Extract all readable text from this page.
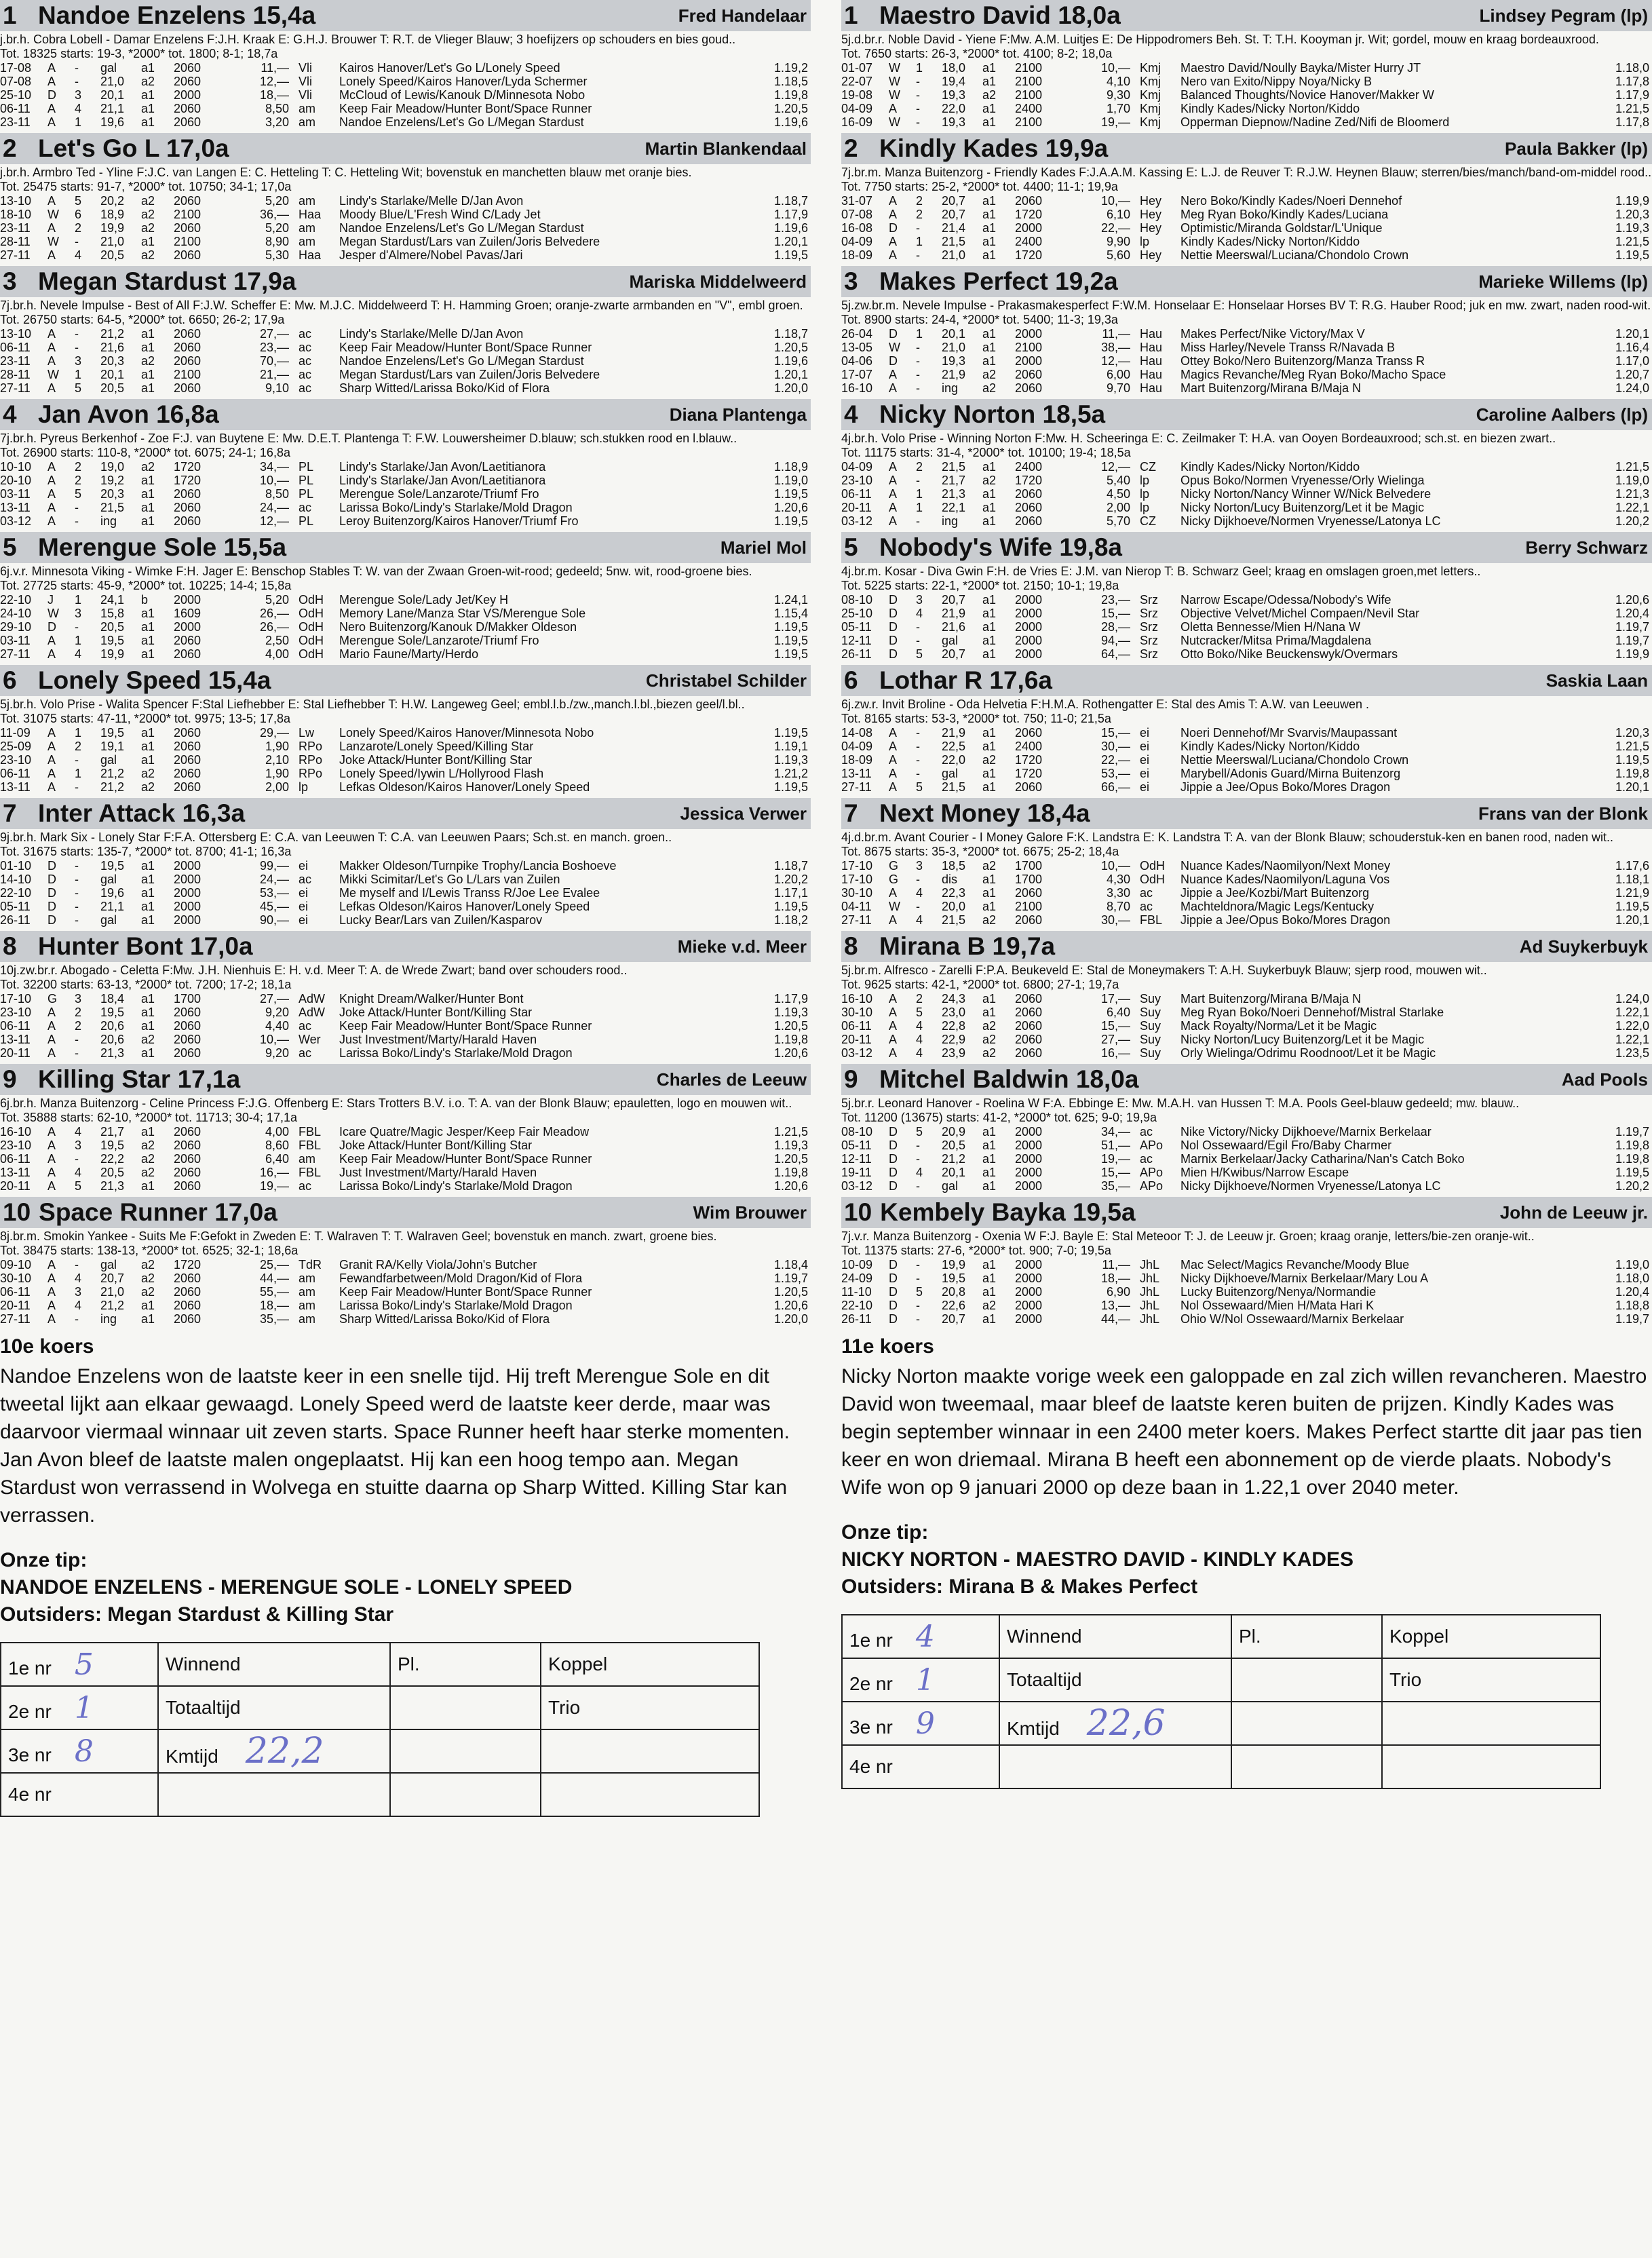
1 Nandoe Enzelens 15,4a	Fred Handelaar
j.br.h. Cobra Lobell - Damar Enzelens F:J.H. Kraak E: G.H.J. Brouwer T: R.T. de Vlieger Blauw; 3 hoefijzers op schouders en bies goud..
Tot. 18325 starts: 19-3, *2000* tot. 1800; 8-1; 18,7a
17-08	A	-	gal	a1	2060	11,—	Vli	Kairos Hanover/Let's Go L/Lonely Speed	1.19,2
07-08	A	-	21,0	a2	2060	12,—	Vli	Lonely Speed/Kairos Hanover/Lyda Schermer	1.18,5
25-10	D	3	20,1	a1	2000	18,—	Vli	McCloud of Lewis/Kanouk D/Minnesota Nobo	1.19,8
06-11	A	4	21,1	a1	2060	8,50	am	Keep Fair Meadow/Hunter Bont/Space Runner	1.20,5
23-11	A	1	19,6	a1	2060	3,20	am	Nandoe Enzelens/Let's Go L/Megan Stardust	1.19,6
2 Let's Go L 17,0a	Martin Blankendaal
j.br.h. Armbro Ted - Yline F:J.C. van Langen E: C. Hetteling T: C. Hetteling Wit; bovenstuk en manchetten blauw met oranje bies.
Tot. 25475 starts: 91-7, *2000* tot. 10750; 34-1; 17,0a
13-10	A	5	20,2	a2	2060	5,20	am	Lindy's Starlake/Melle D/Jan Avon	1.18,7
18-10	W	6	18,9	a2	2100	36,—	Haa	Moody Blue/L'Fresh Wind C/Lady Jet	1.17,9
23-11	A	2	19,9	a2	2060	5,20	am	Nandoe Enzelens/Let's Go L/Megan Stardust	1.19,6
28-11	W	-	21,0	a1	2100	8,90	am	Megan Stardust/Lars van Zuilen/Joris Belvedere	1.20,1
27-11	A	4	20,5	a2	2060	5,30	Haa	Jesper d'Almere/Nobel Pavas/Jari	1.19,5
3 Megan Stardust 17,9a	Mariska Middelweerd
7j.br.h. Nevele Impulse - Best of All F:J.W. Scheffer E: Mw. M.J.C. Middelweerd T: H. Hamming Groen; oranje-zwarte armbanden en "V", embl groen.
Tot. 26750 starts: 64-5, *2000* tot. 6650; 26-2; 17,9a
13-10	A	-	21,2	a1	2060	27,—	ac	Lindy's Starlake/Melle D/Jan Avon	1.18,7
06-11	A	-	21,6	a1	2060	23,—	ac	Keep Fair Meadow/Hunter Bont/Space Runner	1.20,5
23-11	A	3	20,3	a2	2060	70,—	ac	Nandoe Enzelens/Let's Go L/Megan Stardust	1.19,6
28-11	W	1	20,1	a1	2100	21,—	ac	Megan Stardust/Lars van Zuilen/Joris Belvedere	1.20,1
27-11	A	5	20,5	a1	2060	9,10	ac	Sharp Witted/Larissa Boko/Kid of Flora	1.20,0
4 Jan Avon 16,8a	Diana Plantenga
7j.br.h. Pyreus Berkenhof - Zoe F:J. van Buytene E: Mw. D.E.T. Plantenga T: F.W. Louwersheimer D.blauw; sch.stukken rood en l.blauw..
Tot. 26900 starts: 110-8, *2000* tot. 6075; 24-1; 16,8a
10-10	A	2	19,0	a2	1720	34,—	PL	Lindy's Starlake/Jan Avon/Laetitianora	1.18,9
20-10	A	2	19,2	a1	1720	10,—	PL	Lindy's Starlake/Jan Avon/Laetitianora	1.19,0
03-11	A	5	20,3	a1	2060	8,50	PL	Merengue Sole/Lanzarote/Triumf Fro	1.19,5
13-11	A	-	21,5	a1	2060	24,—	ac	Larissa Boko/Lindy's Starlake/Mold Dragon	1.20,6
03-12	A	-	ing	a1	2060	12,—	PL	Leroy Buitenzorg/Kairos Hanover/Triumf Fro	1.19,5
5 Merengue Sole 15,5a	Mariel Mol
6j.v.r. Minnesota Viking - Wimke F:H. Jager E: Benschop Stables T: W. van der Zwaan Groen-wit-rood; gedeeld; 5nw. wit, rood-groene bies.
Tot. 27725 starts: 45-9, *2000* tot. 10225; 14-4; 15,8a
22-10	J	1	24,1	b	2000	5,20	OdH	Merengue Sole/Lady Jet/Key H	1.24,1
24-10	W	3	15,8	a1	1609	26,—	OdH	Memory Lane/Manza Star VS/Merengue Sole	1.15,4
29-10	D	-	20,5	a1	2000	26,—	OdH	Nero Buitenzorg/Kanouk D/Makker Oldeson	1.19,5
03-11	A	1	19,5	a1	2060	2,50	OdH	Merengue Sole/Lanzarote/Triumf Fro	1.19,5
27-11	A	4	19,9	a1	2060	4,00	OdH	Mario Faune/Marty/Herdo	1.19,5
6 Lonely Speed 15,4a	Christabel Schilder
5j.br.h. Volo Prise - Walita Spencer F:Stal Liefhebber E: Stal Liefhebber T: H.W. Langeweg Geel; embl.l.b./zw.,manch.l.bl.,biezen geel/l.bl..
Tot. 31075 starts: 47-11, *2000* tot. 9975; 13-5; 17,8a
11-09	A	1	19,5	a1	2060	29,—	Lw	Lonely Speed/Kairos Hanover/Minnesota Nobo	1.19,5
25-09	A	2	19,1	a1	2060	1,90	RPo	Lanzarote/Lonely Speed/Killing Star	1.19,1
23-10	A	-	gal	a1	2060	2,10	RPo	Joke Attack/Hunter Bont/Killing Star	1.19,3
06-11	A	1	21,2	a2	2060	1,90	RPo	Lonely Speed/Iywin L/Hollyrood Flash	1.21,2
13-11	A	-	21,2	a2	2060	2,00	lp	Lefkas Oldeson/Kairos Hanover/Lonely Speed	1.19,5
7 Inter Attack 16,3a	Jessica Verwer
9j.br.h. Mark Six - Lonely Star F:F.A. Ottersberg E: C.A. van Leeuwen T: C.A. van Leeuwen Paars; Sch.st. en manch. groen..
Tot. 31675 starts: 135-7, *2000* tot. 8700; 41-1; 16,3a
01-10	D	-	19,5	a1	2000	99,—	ei	Makker Oldeson/Turnpike Trophy/Lancia Boshoeve	1.18,7
14-10	D	-	gal	a1	2000	24,—	ac	Mikki Scimitar/Let's Go L/Lars van Zuilen	1.20,2
22-10	D	-	19,6	a1	2000	53,—	ei	Me myself and I/Lewis Transs R/Joe Lee Evalee	1.17,1
05-11	D	-	21,1	a1	2000	45,—	ei	Lefkas Oldeson/Kairos Hanover/Lonely Speed	1.19,5
26-11	D	-	gal	a1	2000	90,—	ei	Lucky Bear/Lars van Zuilen/Kasparov	1.18,2
8 Hunter Bont 17,0a	Mieke v.d. Meer
10j.zw.br.r. Abogado - Celetta F:Mw. J.H. Nienhuis E: H. v.d. Meer T: A. de Wrede Zwart; band over schouders rood..
Tot. 32200 starts: 63-13, *2000* tot. 7200; 17-2; 18,1a
17-10	G	3	18,4	a1	1700	27,—	AdW	Knight Dream/Walker/Hunter Bont	1.17,9
23-10	A	2	19,5	a1	2060	9,20	AdW	Joke Attack/Hunter Bont/Killing Star	1.19,3
06-11	A	2	20,6	a1	2060	4,40	ac	Keep Fair Meadow/Hunter Bont/Space Runner	1.20,5
13-11	A	-	20,6	a2	2060	10,—	Wer	Just Investment/Marty/Harald Haven	1.19,8
20-11	A	-	21,3	a1	2060	9,20	ac	Larissa Boko/Lindy's Starlake/Mold Dragon	1.20,6
9 Killing Star 17,1a	Charles de Leeuw
6j.br.h. Manza Buitenzorg - Celine Princess F:J.G. Offenberg E: Stars Trotters B.V. i.o. T: A. van der Blonk Blauw; epauletten, logo en mouwen wit..
Tot. 35888 starts: 62-10, *2000* tot. 11713; 30-4; 17,1a
16-10	A	4	21,7	a1	2060	4,00	FBL	Icare Quatre/Magic Jesper/Keep Fair Meadow	1.21,5
23-10	A	3	19,5	a2	2060	8,60	FBL	Joke Attack/Hunter Bont/Killing Star	1.19,3
06-11	A	-	22,2	a2	2060	6,40	am	Keep Fair Meadow/Hunter Bont/Space Runner	1.20,5
13-11	A	4	20,5	a2	2060	16,—	FBL	Just Investment/Marty/Harald Haven	1.19,8
20-11	A	5	21,3	a1	2060	19,—	ac	Larissa Boko/Lindy's Starlake/Mold Dragon	1.20,6
10 Space Runner 17,0a	Wim Brouwer
8j.br.m. Smokin Yankee - Suits Me F:Gefokt in Zweden E: T. Walraven T: T. Walraven Geel; bovenstuk en manch. zwart, groene bies.
Tot. 38475 starts: 138-13, *2000* tot. 6525; 32-1; 18,6a
09-10	A	-	gal	a2	1720	25,—	TdR	Granit RA/Kelly Viola/John's Butcher	1.18,4
30-10	A	4	20,7	a2	2060	44,—	am	Fewandfarbetween/Mold Dragon/Kid of Flora	1.19,7
06-11	A	3	21,0	a2	2060	55,—	am	Keep Fair Meadow/Hunter Bont/Space Runner	1.20,5
20-11	A	4	21,2	a1	2060	18,—	am	Larissa Boko/Lindy's Starlake/Mold Dragon	1.20,6
27-11	A	-	ing	a1	2060	35,—	am	Sharp Witted/Larissa Boko/Kid of Flora	1.20,0
10e koers

Nandoe Enzelens won de laatste keer in een snelle tijd. Hij treft Merengue Sole en dit tweetal lijkt aan elkaar gewaagd. Lonely Speed werd de laatste keer derde, maar was daarvoor viermaal winnaar uit zeven starts. Space Runner heeft haar sterke momenten. Jan Avon bleef de laatste malen ongeplaatst. Hij kan een hoog tempo aan. Megan Stardust won verrassend in Wolvega en stuitte daarna op Sharp Witted. Killing Star kan verrassen.

Onze tip:
NANDOE ENZELENS - MERENGUE SOLE - LONELY SPEED
Outsiders: Megan Stardust & Killing Star
1e nr 5	Winnend	Pl.	Koppel
2e nr 1	Totaaltijd		Trio
3e nr 8	Kmtijd 22,2		
4e nr			
1 Maestro David 18,0a	Lindsey Pegram (lp)
5j.d.br.r. Noble David - Yiene F:Mw. A.M. Luitjes E: De Hippodromers Beh. St. T: T.H. Kooyman jr. Wit; gordel, mouw en kraag bordeauxrood.
Tot. 7650 starts: 26-3, *2000* tot. 4100; 8-2; 18,0a
01-07	W	1	18,0	a1	2100	10,—	Kmj	Maestro David/Noully Bayka/Mister Hurry JT	1.18,0
22-07	W	-	19,4	a1	2100	4,10	Kmj	Nero van Exito/Nippy Noya/Nicky B	1.17,8
19-08	W	-	19,3	a2	2100	9,30	Kmj	Balanced Thoughts/Novice Hanover/Makker W	1.17,9
04-09	A	-	22,0	a1	2400	1,70	Kmj	Kindly Kades/Nicky Norton/Kiddo	1.21,5
16-09	W	-	19,3	a1	2100	19,—	Kmj	Opperman Diepnow/Nadine Zed/Nifi de Bloomerd	1.17,8
2 Kindly Kades 19,9a	Paula Bakker (lp)
7j.br.m. Manza Buitenzorg - Friendly Kades F:J.A.A.M. Kassing E: L.J. de Reuver T: R.J.W. Heynen Blauw; sterren/bies/manch/band-om-middel rood..
Tot. 7750 starts: 25-2, *2000* tot. 4400; 11-1; 19,9a
31-07	A	2	20,7	a1	2060	10,—	Hey	Nero Boko/Kindly Kades/Noeri Dennehof	1.19,9
07-08	A	2	20,7	a1	1720	6,10	Hey	Meg Ryan Boko/Kindly Kades/Luciana	1.20,3
16-08	D	-	21,4	a1	2000	22,—	Hey	Optimistic/Miranda Goldstar/L'Unique	1.19,3
04-09	A	1	21,5	a1	2400	9,90	lp	Kindly Kades/Nicky Norton/Kiddo	1.21,5
18-09	A	-	21,0	a1	1720	5,60	Hey	Nettie Meerswal/Luciana/Chondolo Crown	1.19,5
3 Makes Perfect 19,2a	Marieke Willems (lp)
5j.zw.br.m. Nevele Impulse - Prakasmakesperfect F:W.M. Honselaar E: Honselaar Horses BV T: R.G. Hauber Rood; juk en mw. zwart, naden rood-wit.
Tot. 8900 starts: 24-4, *2000* tot. 5400; 11-3; 19,3a
26-04	D	1	20,1	a1	2000	11,—	Hau	Makes Perfect/Nike Victory/Max V	1.20,1
13-05	W	-	21,0	a1	2100	38,—	Hau	Miss Harley/Nevele Transs R/Navada B	1.16,4
04-06	D	-	19,3	a1	2000	12,—	Hau	Ottey Boko/Nero Buitenzorg/Manza Transs R	1.17,0
17-07	A	-	21,9	a2	2060	6,00	Hau	Magics Revanche/Meg Ryan Boko/Macho Space	1.20,7
16-10	A	-	ing	a2	2060	9,70	Hau	Mart Buitenzorg/Mirana B/Maja N	1.24,0
4 Nicky Norton 18,5a	Caroline Aalbers (lp)
4j.br.h. Volo Prise - Winning Norton F:Mw. H. Scheeringa E: C. Zeilmaker T: H.A. van Ooyen Bordeauxrood; sch.st. en biezen zwart..
Tot. 11175 starts: 31-4, *2000* tot. 10100; 19-4; 18,5a
04-09	A	2	21,5	a1	2400	12,—	CZ	Kindly Kades/Nicky Norton/Kiddo	1.21,5
23-10	A	-	21,7	a2	1720	5,40	lp	Opus Boko/Normen Vryenesse/Orly Wielinga	1.19,0
06-11	A	1	21,3	a1	2060	4,50	lp	Nicky Norton/Nancy Winner W/Nick Belvedere	1.21,3
20-11	A	1	22,1	a1	2060	2,00	lp	Nicky Norton/Lucy Buitenzorg/Let it be Magic	1.22,1
03-12	A	-	ing	a1	2060	5,70	CZ	Nicky Dijkhoeve/Normen Vryenesse/Latonya LC	1.20,2
5 Nobody's Wife 19,8a	Berry Schwarz
4j.br.m. Kosar - Diva Gwin F:H. de Vries E: J.M. van Nierop T: B. Schwarz Geel; kraag en omslagen groen,met letters..
Tot. 5225 starts: 22-1, *2000* tot. 2150; 10-1; 19,8a
08-10	D	3	20,7	a1	2000	23,—	Srz	Narrow Escape/Odessa/Nobody's Wife	1.20,6
25-10	D	4	21,9	a1	2000	15,—	Srz	Objective Velvet/Michel Compaen/Nevil Star	1.20,4
05-11	D	-	21,6	a1	2000	28,—	Srz	Oletta Bennesse/Mien H/Nana W	1.19,7
12-11	D	-	gal	a1	2000	94,—	Srz	Nutcracker/Mitsa Prima/Magdalena	1.19,7
26-11	D	5	20,7	a1	2000	64,—	Srz	Otto Boko/Nike Beuckenswyk/Overmars	1.19,9
6 Lothar R 17,6a	Saskia Laan
6j.zw.r. Invit Broline - Oda Helvetia F:H.M.A. Rothengatter E: Stal des Amis T: A.W. van Leeuwen .
Tot. 8165 starts: 53-3, *2000* tot. 750; 11-0; 21,5a
14-08	A	-	21,9	a1	2060	15,—	ei	Noeri Dennehof/Mr Svarvis/Maupassant	1.20,3
04-09	A	-	22,5	a1	2400	30,—	ei	Kindly Kades/Nicky Norton/Kiddo	1.21,5
18-09	A	-	22,0	a2	1720	22,—	ei	Nettie Meerswal/Luciana/Chondolo Crown	1.19,5
13-11	A	-	gal	a1	1720	53,—	ei	Marybell/Adonis Guard/Mirna Buitenzorg	1.19,8
27-11	A	5	21,5	a1	2060	66,—	ei	Jippie a Jee/Opus Boko/Mores Dragon	1.20,1
7 Next Money 18,4a	Frans van der Blonk
4j.d.br.m. Avant Courier - I Money Galore F:K. Landstra E: K. Landstra T: A. van der Blonk Blauw; schouderstuk-ken en banen rood, naden wit..
Tot. 8675 starts: 35-3, *2000* tot. 6675; 25-2; 18,4a
17-10	G	3	18,5	a2	1700	10,—	OdH	Nuance Kades/Naomilyon/Next Money	1.17,6
17-10	G	-	dis	a1	1700	4,30	OdH	Nuance Kades/Naomilyon/Laguna Vos	1.18,1
30-10	A	4	22,3	a1	2060	3,30	ac	Jippie a Jee/Kozbi/Mart Buitenzorg	1.21,9
04-11	W	-	20,0	a1	2100	8,70	ac	Machteldnora/Magic Legs/Kentucky	1.19,5
27-11	A	4	21,5	a2	2060	30,—	FBL	Jippie a Jee/Opus Boko/Mores Dragon	1.20,1
8 Mirana B 19,7a	Ad Suykerbuyk
5j.br.m. Alfresco - Zarelli F:P.A. Beukeveld E: Stal de Moneymakers T: A.H. Suykerbuyk Blauw; sjerp rood, mouwen wit..
Tot. 9625 starts: 42-1, *2000* tot. 6800; 27-1; 19,7a
16-10	A	2	24,3	a1	2060	17,—	Suy	Mart Buitenzorg/Mirana B/Maja N	1.24,0
30-10	A	5	23,0	a1	2060	6,40	Suy	Meg Ryan Boko/Noeri Dennehof/Mistral Starlake	1.22,1
06-11	A	4	22,8	a2	2060	15,—	Suy	Mack Royalty/Norma/Let it be Magic	1.22,0
20-11	A	4	22,9	a2	2060	27,—	Suy	Nicky Norton/Lucy Buitenzorg/Let it be Magic	1.22,1
03-12	A	4	23,9	a2	2060	16,—	Suy	Orly Wielinga/Odrimu Roodnoot/Let it be Magic	1.23,5
9 Mitchel Baldwin 18,0a	Aad Pools
5j.br.r. Leonard Hanover - Roelina W F:A. Ebbinge E: Mw. M.A.H. van Hussen T: M.A. Pools Geel-blauw gedeeld; mw. blauw..
Tot. 11200 (13675) starts: 41-2, *2000* tot. 625; 9-0; 19,9a
08-10	D	5	20,9	a1	2000	34,—	ac	Nike Victory/Nicky Dijkhoeve/Marnix Berkelaar	1.19,7
05-11	D	-	20,5	a1	2000	51,—	APo	Nol Ossewaard/Egil Fro/Baby Charmer	1.19,8
12-11	D	-	21,2	a1	2000	19,—	ac	Marnix Berkelaar/Jacky Catharina/Nan's Catch Boko	1.19,8
19-11	D	4	20,1	a1	2000	15,—	APo	Mien H/Kwibus/Narrow Escape	1.19,5
03-12	D	-	gal	a1	2000	35,—	APo	Nicky Dijkhoeve/Normen Vryenesse/Latonya LC	1.20,2
10 Kembely Bayka 19,5a	John de Leeuw jr.
7j.v.r. Manza Buitenzorg - Oxenia W F:J. Bayle E: Stal Meteoor T: J. de Leeuw jr. Groen; kraag oranje, letters/bie-zen oranje-wit..
Tot. 11375 starts: 27-6, *2000* tot. 900; 7-0; 19,5a
10-09	D	-	19,9	a1	2000	11,—	JhL	Mac Select/Magics Revanche/Moody Blue	1.19,0
24-09	D	-	19,5	a1	2000	18,—	JhL	Nicky Dijkhoeve/Marnix Berkelaar/Mary Lou A	1.18,0
11-10	D	5	20,8	a1	2000	6,90	JhL	Lucky Buitenzorg/Nenya/Normandie	1.20,4
22-10	D	-	22,6	a2	2000	13,—	JhL	Nol Ossewaard/Mien H/Mata Hari K	1.18,8
26-11	D	-	20,7	a1	2000	44,—	JhL	Ohio W/Nol Ossewaard/Marnix Berkelaar	1.19,7
11e koers

Nicky Norton maakte vorige week een galoppade en zal zich willen revancheren. Maestro David won tweemaal, maar bleef de laatste keren buiten de prijzen. Kindly Kades was begin september winnaar in een 2400 meter koers. Makes Perfect startte dit jaar pas tien keer en won driemaal. Mirana B heeft een abonnement op de vierde plaats. Nobody's Wife won op 9 januari 2000 op deze baan in 1.22,1 over 2040 meter.

Onze tip:
NICKY NORTON - MAESTRO DAVID - KINDLY KADES
Outsiders: Mirana B & Makes Perfect
1e nr 4	Winnend	Pl.	Koppel
2e nr 1	Totaaltijd		Trio
3e nr 9	Kmtijd 22,6		
4e nr			
